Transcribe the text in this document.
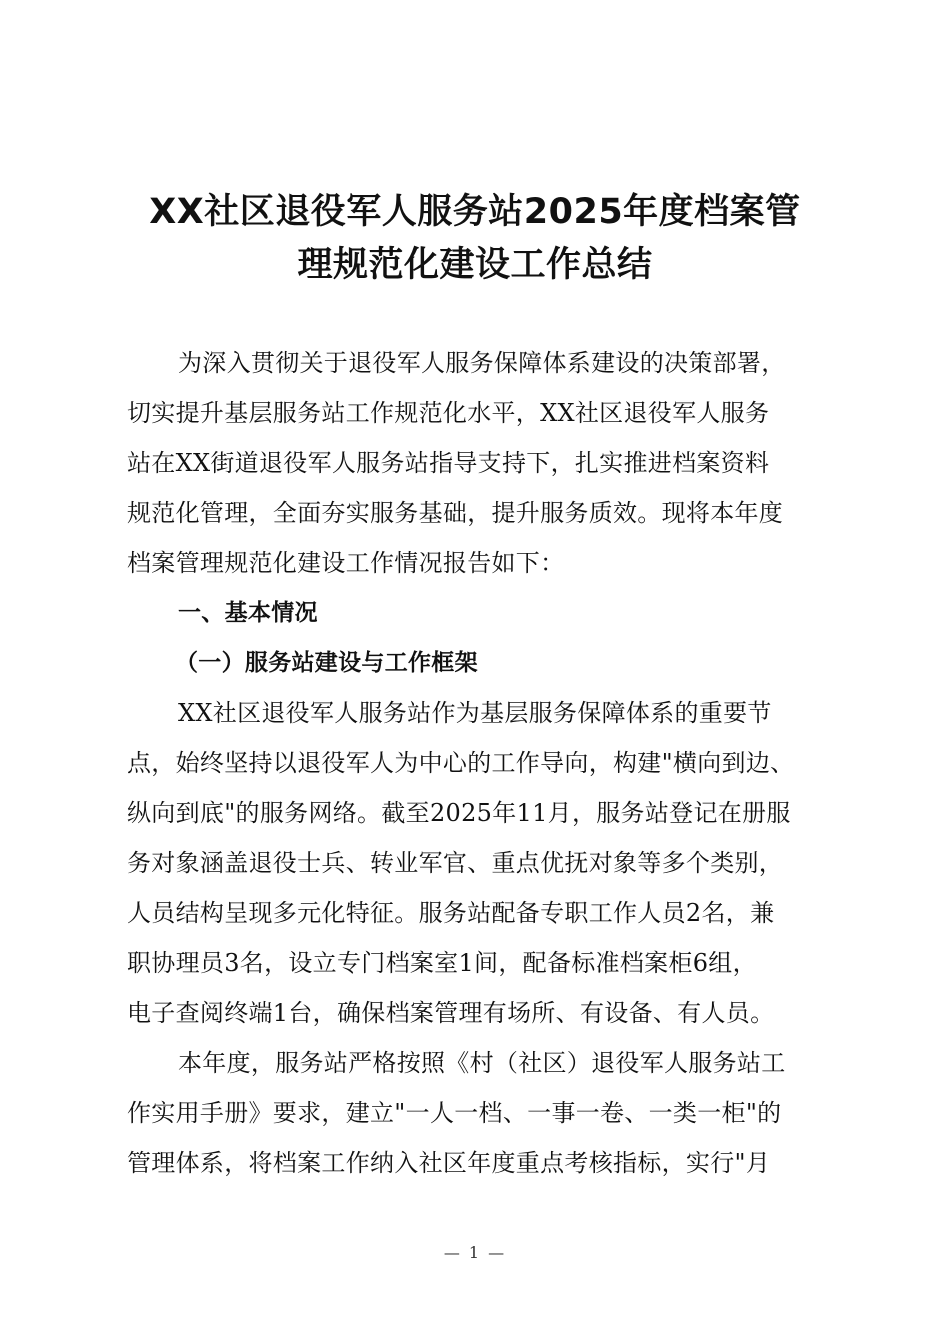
XX社区退役军人服务站2025年度档案管
理规范化建设工作总结
为深入贯彻关于退役军人服务保障体系建设的决策部署，
切实提升基层服务站工作规范化水平，XX社区退役军人服务
站在XX街道退役军人服务站指导支持下，扎实推进档案资料
规范化管理，全面夯实服务基础，提升服务质效。现将本年度
档案管理规范化建设工作情况报告如下：
一、基本情况
（一）服务站建设与工作框架
XX社区退役军人服务站作为基层服务保障体系的重要节
点，始终坚持以退役军人为中心的工作导向，构建"横向到边、
纵向到底"的服务网络。截至2025年11月，服务站登记在册服
务对象涵盖退役士兵、转业军官、重点优抚对象等多个类别，
人员结构呈现多元化特征。服务站配备专职工作人员2名，兼
职协理员3名，设立专门档案室1间，配备标准档案柜6组，
电子查阅终端1台，确保档案管理有场所、有设备、有人员。
本年度，服务站严格按照《村（社区）退役军人服务站工
作实用手册》要求，建立"一人一档、一事一卷、一类一柜"的
管理体系，将档案工作纳入社区年度重点考核指标，实行"月
— 1 —
